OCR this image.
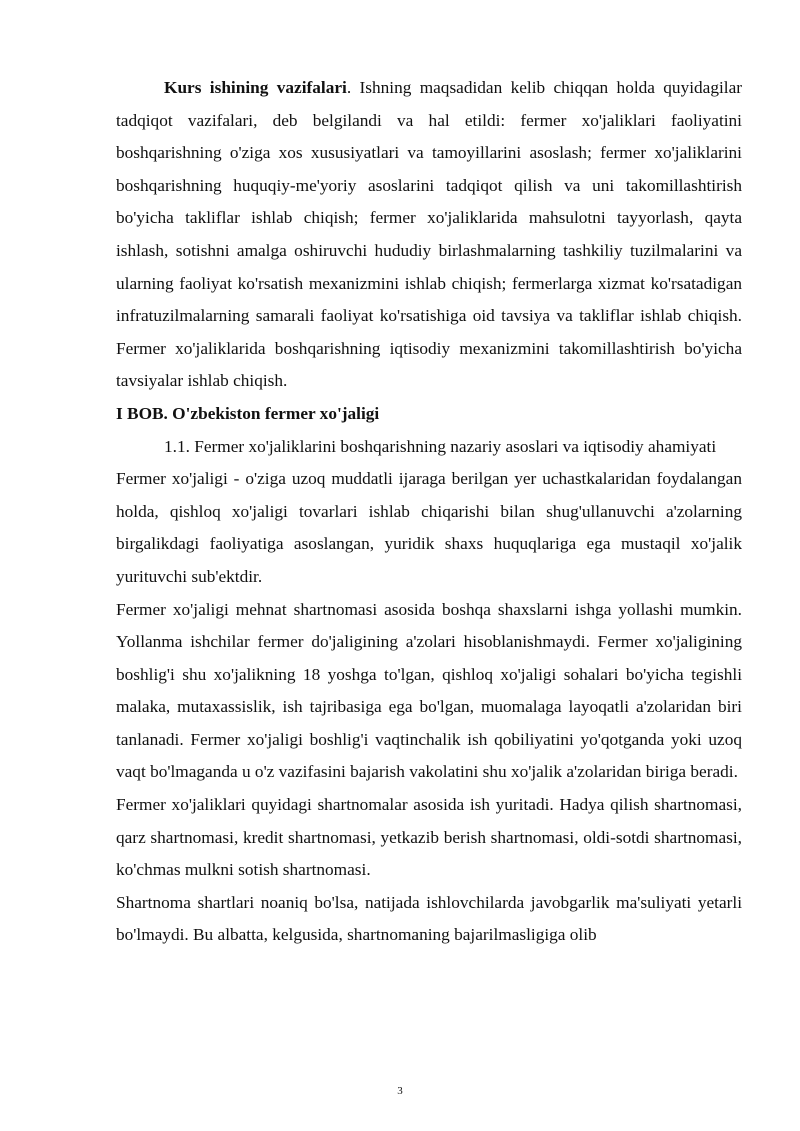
Kurs ishining vazifalari. Ishning maqsadidan kelib chiqqan holda quyidagilar tadqiqot vazifalari, deb belgilandi va hal etildi: fermer xo'jaliklari faoliyatini boshqarishning o'ziga xos xususiyatlari va tamoyillarini asoslash; fermer xo'jaliklarini boshqarishning huquqiy-me'yoriy asoslarini tadqiqot qilish va uni takomillashtirish bo'yicha takliflar ishlab chiqish; fermer xo'jaliklarida mahsulotni tayyorlash, qayta ishlash, sotishni amalga oshiruvchi hududiy birlashmalarning tashkiliy tuzilmalarini va ularning faoliyat ko'rsatish mexanizmini ishlab chiqish; fermerlarga xizmat ko'rsatadigan infratuzilmalarning samarali faoliyat ko'rsatishiga oid tavsiya va takliflar ishlab chiqish. Fermer xo'jaliklarida boshqarishning iqtisodiy mexanizmini takomillashtirish bo'yicha tavsiyalar ishlab chiqish.

I BOB. O'zbekiston fermer xo'jaligi

1.1. Fermer xo'jaliklarini boshqarishning nazariy asoslari va iqtisodiy ahamiyati

Fermer xo'jaligi - o'ziga uzoq muddatli ijaraga berilgan yer uchastkalaridan foydalangan holda, qishloq xo'jaligi tovarlari ishlab chiqarishi bilan shug'ullanuvchi a'zolarning birgalikdagi faoliyatiga asoslangan, yuridik shaxs huquqlariga ega mustaqil xo'jalik yurituvchi sub'ektdir.

Fermer xo'jaligi mehnat shartnomasi asosida boshqa shaxslarni ishga yollashi mumkin. Yollanma ishchilar fermer do'jaligining a'zolari hisoblanishmaydi. Fermer xo'jaligining boshlig'i shu xo'jalikning 18 yoshga to'lgan, qishloq xo'jaligi sohalari bo'yicha tegishli malaka, mutaxassislik, ish tajribasiga ega bo'lgan, muomalaga layoqatli a'zolaridan biri tanlanadi. Fermer xo'jaligi boshlig'i vaqtinchalik ish qobiliyatini yo'qotganda yoki uzoq vaqt bo'lmaganda u o'z vazifasini bajarish vakolatini shu xo'jalik a'zolaridan biriga beradi.

Fermer xo'jaliklari quyidagi shartnomalar asosida ish yuritadi. Hadya qilish shartnomasi, qarz shartnomasi, kredit shartnomasi, yetkazib berish shartnomasi, oldi-sotdi shartnomasi, ko'chmas mulkni sotish shartnomasi.

Shartnoma shartlari noaniq bo'lsa, natijada ishlovchilarda javobgarlik ma'suliyati yetarli bo'lmaydi. Bu albatta, kelgusida, shartnomaning bajarilmasligiga olib

3
